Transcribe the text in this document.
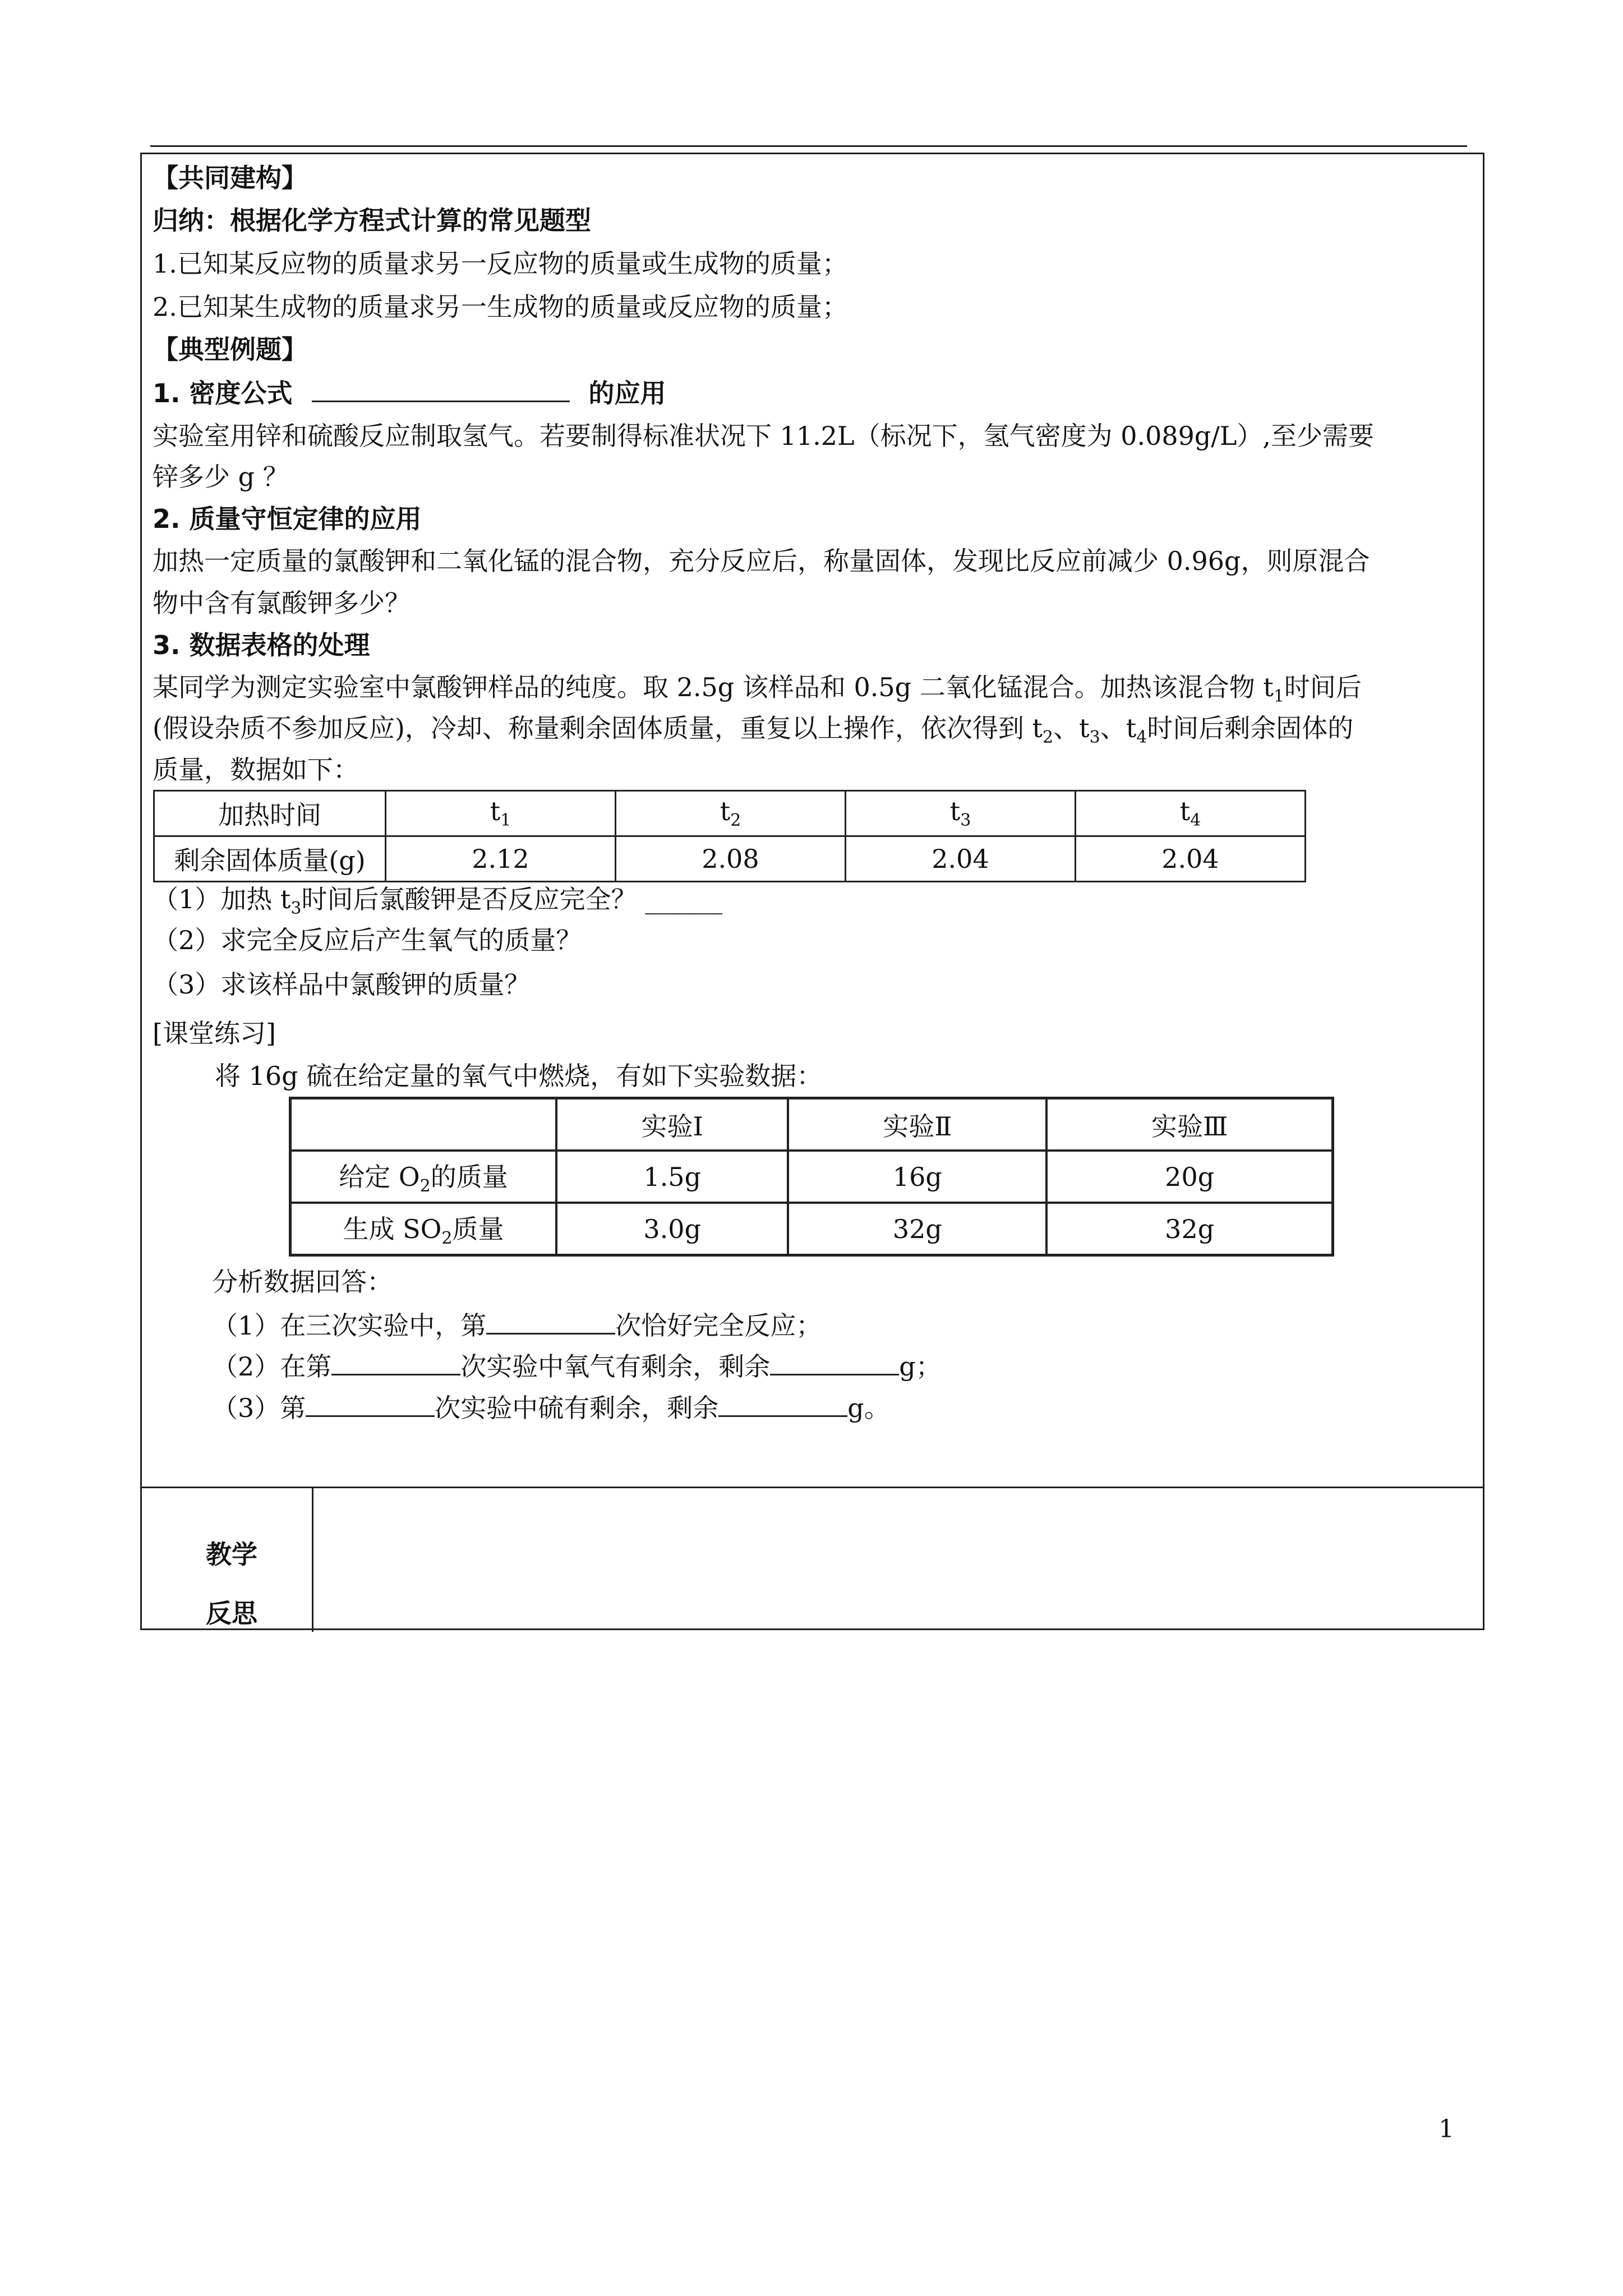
教学
反思
【共同建构】
归纳：根据化学方程式计算的常见题型
1.已知某反应物的质量求另一反应物的质量或生成物的质量；
2.已知某生成物的质量求另一生成物的质量或反应物的质量；
【典型例题】
1. 密度公式	的应用
实验室用锌和硫酸反应制取氢气。若要制得标准状况下 11.2L（标况下，氢气密度为 0.089g/L）,至少需要
锌多少 g ？
2. 质量守恒定律的应用
加热一定质量的氯酸钾和二氧化锰的混合物，充分反应后，称量固体，发现比反应前减少 0.96g，则原混合
物中含有氯酸钾多少？
3. 数据表格的处理
某同学为测定实验室中氯酸钾样品的纯度。取 2.5g 该样品和 0.5g 二氧化锰混合。加热该混合物 $t_1$时间后
(假设杂质不参加反应)，冷却、称量剩余固体质量，重复以上操作，依次得到 $t_2$、$t_3$、$t_4$时间后剩余固体的
质量，数据如下：
加热时间	$t_1$	$t_2$	$t_3$	$t_4$
剩余固体质量(g)	2.12	2.08	2.04	2.04
（1）加热 $t_3$时间后氯酸钾是否反应完全？ ______
（2）求完全反应后产生氧气的质量？
（3）求该样品中氯酸钾的质量？
[课堂练习]
将 16g 硫在给定量的氧气中燃烧，有如下实验数据：
	实验Ⅰ	实验Ⅱ	实验Ⅲ
给定 $O_2$的质量	1.5g	16g	20g
生成 $SO_2$质量	3.0g	32g	32g
分析数据回答：
（1）在三次实验中，第	次恰好完全反应；
（2）在第	次实验中氧气有剩余，剩余	g；
（3）第	次实验中硫有剩余，剩余	g。
1
